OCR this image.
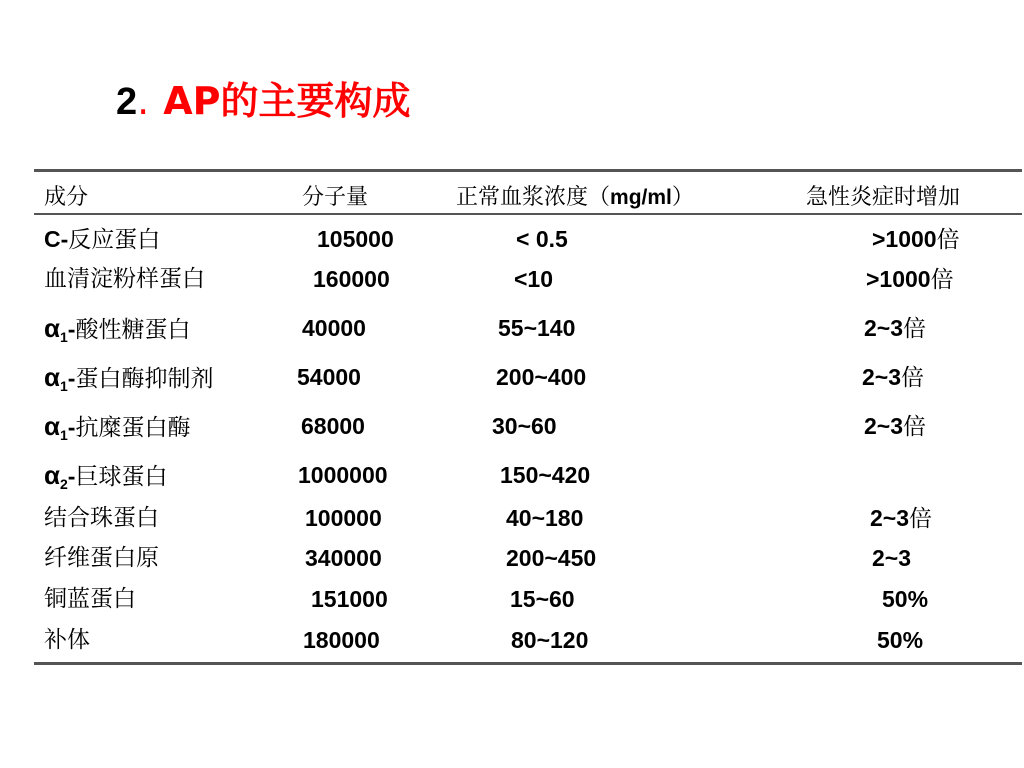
2. AP的主要构成
成分	分子量	正常血浆浓度（mg/ml）	急性炎症时增加
C-反应蛋白	105000	< 0.5	>1000倍
血清淀粉样蛋白	160000	<10	>1000倍
$\alpha_1-$酸性糖蛋白	40000	55~140	2~3倍
$\alpha_1-$蛋白酶抑制剂	54000	200~400	2~3倍
$\alpha_1-$抗糜蛋白酶	68000	30~60	2~3倍
$\alpha_2-$巨球蛋白	1000000	150~420
结合珠蛋白	100000	40~180	2~3倍
纤维蛋白原	340000	200~450	2~3
铜蓝蛋白	151000	15~60	50%
补体	180000	80~120	50%
